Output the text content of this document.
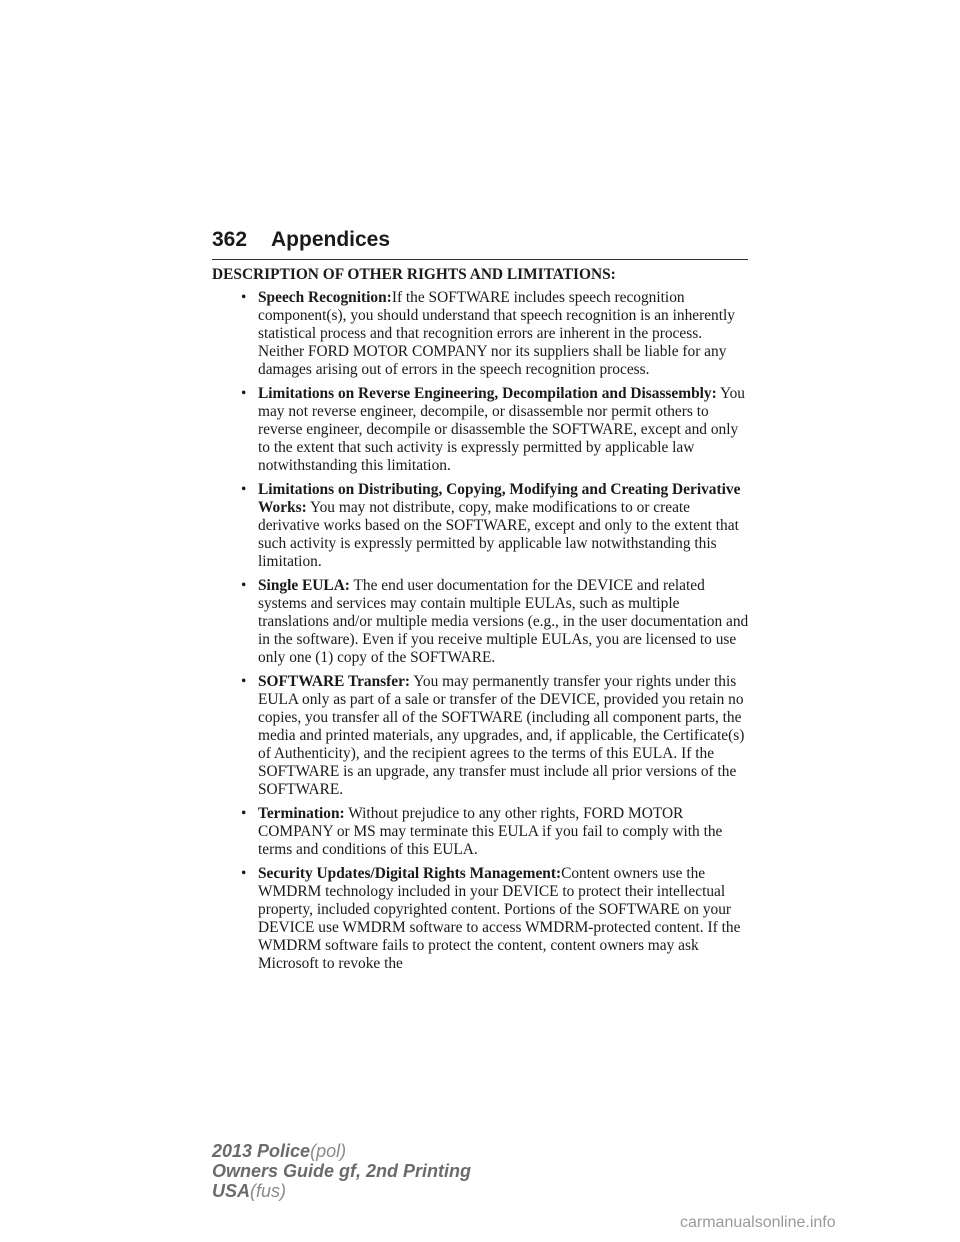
362 Appendices
DESCRIPTION OF OTHER RIGHTS AND LIMITATIONS:
• Speech Recognition:If the SOFTWARE includes speech recognition component(s), you should understand that speech recognition is an inherently statistical process and that recognition errors are inherent in the process. Neither FORD MOTOR COMPANY nor its suppliers shall be liable for any damages arising out of errors in the speech recognition process.
• Limitations on Reverse Engineering, Decompilation and Disassembly: You may not reverse engineer, decompile, or disassemble nor permit others to reverse engineer, decompile or disassemble the SOFTWARE, except and only to the extent that such activity is expressly permitted by applicable law notwithstanding this limitation.
• Limitations on Distributing, Copying, Modifying and Creating Derivative Works: You may not distribute, copy, make modifications to or create derivative works based on the SOFTWARE, except and only to the extent that such activity is expressly permitted by applicable law notwithstanding this limitation.
• Single EULA: The end user documentation for the DEVICE and related systems and services may contain multiple EULAs, such as multiple translations and/or multiple media versions (e.g., in the user documentation and in the software). Even if you receive multiple EULAs, you are licensed to use only one (1) copy of the SOFTWARE.
• SOFTWARE Transfer: You may permanently transfer your rights under this EULA only as part of a sale or transfer of the DEVICE, provided you retain no copies, you transfer all of the SOFTWARE (including all component parts, the media and printed materials, any upgrades, and, if applicable, the Certificate(s) of Authenticity), and the recipient agrees to the terms of this EULA. If the SOFTWARE is an upgrade, any transfer must include all prior versions of the SOFTWARE.
• Termination: Without prejudice to any other rights, FORD MOTOR COMPANY or MS may terminate this EULA if you fail to comply with the terms and conditions of this EULA.
• Security Updates/Digital Rights Management:Content owners use the WMDRM technology included in your DEVICE to protect their intellectual property, included copyrighted content. Portions of the SOFTWARE on your DEVICE use WMDRM software to access WMDRM-protected content. If the WMDRM software fails to protect the content, content owners may ask Microsoft to revoke the
2013 Police(pol)
Owners Guide gf, 2nd Printing
USA(fus)
carmanualsonline.info
